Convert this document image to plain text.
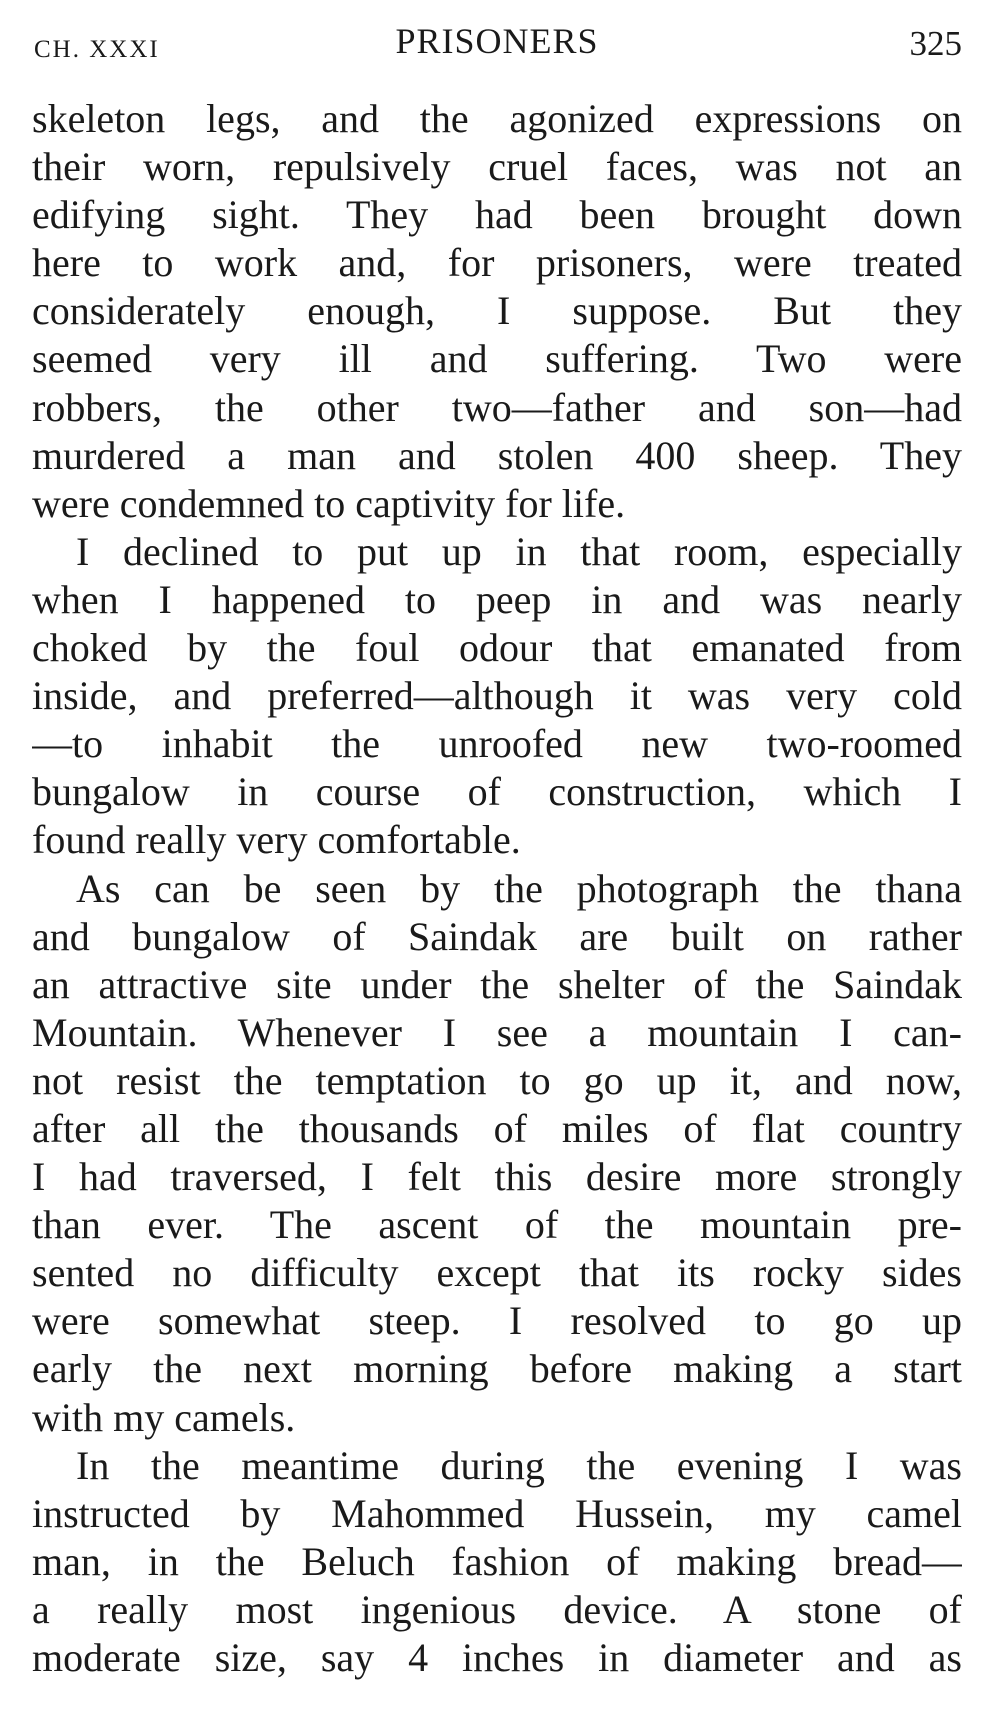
CH. XXXI	PRISONERS	325
skeleton legs, and the agonized expressions on
their worn, repulsively cruel faces, was not an
edifying sight. They had been brought down
here to work and, for prisoners, were treated
considerately enough, I suppose. But they
seemed very ill and suffering. Two were
robbers, the other two—father and son—had
murdered a man and stolen 400 sheep. They
were condemned to captivity for life.
I declined to put up in that room, especially
when I happened to peep in and was nearly
choked by the foul odour that emanated from
inside, and preferred—although it was very cold
—to inhabit the unroofed new two-roomed
bungalow in course of construction, which I
found really very comfortable.
As can be seen by the photograph the thana
and bungalow of Saindak are built on rather
an attractive site under the shelter of the Saindak
Mountain. Whenever I see a mountain I can-
not resist the temptation to go up it, and now,
after all the thousands of miles of flat country
I had traversed, I felt this desire more strongly
than ever. The ascent of the mountain pre-
sented no difficulty except that its rocky sides
were somewhat steep. I resolved to go up
early the next morning before making a start
with my camels.
In the meantime during the evening I was
instructed by Mahommed Hussein, my camel
man, in the Beluch fashion of making bread—
a really most ingenious device. A stone of
moderate size, say 4 inches in diameter and as
